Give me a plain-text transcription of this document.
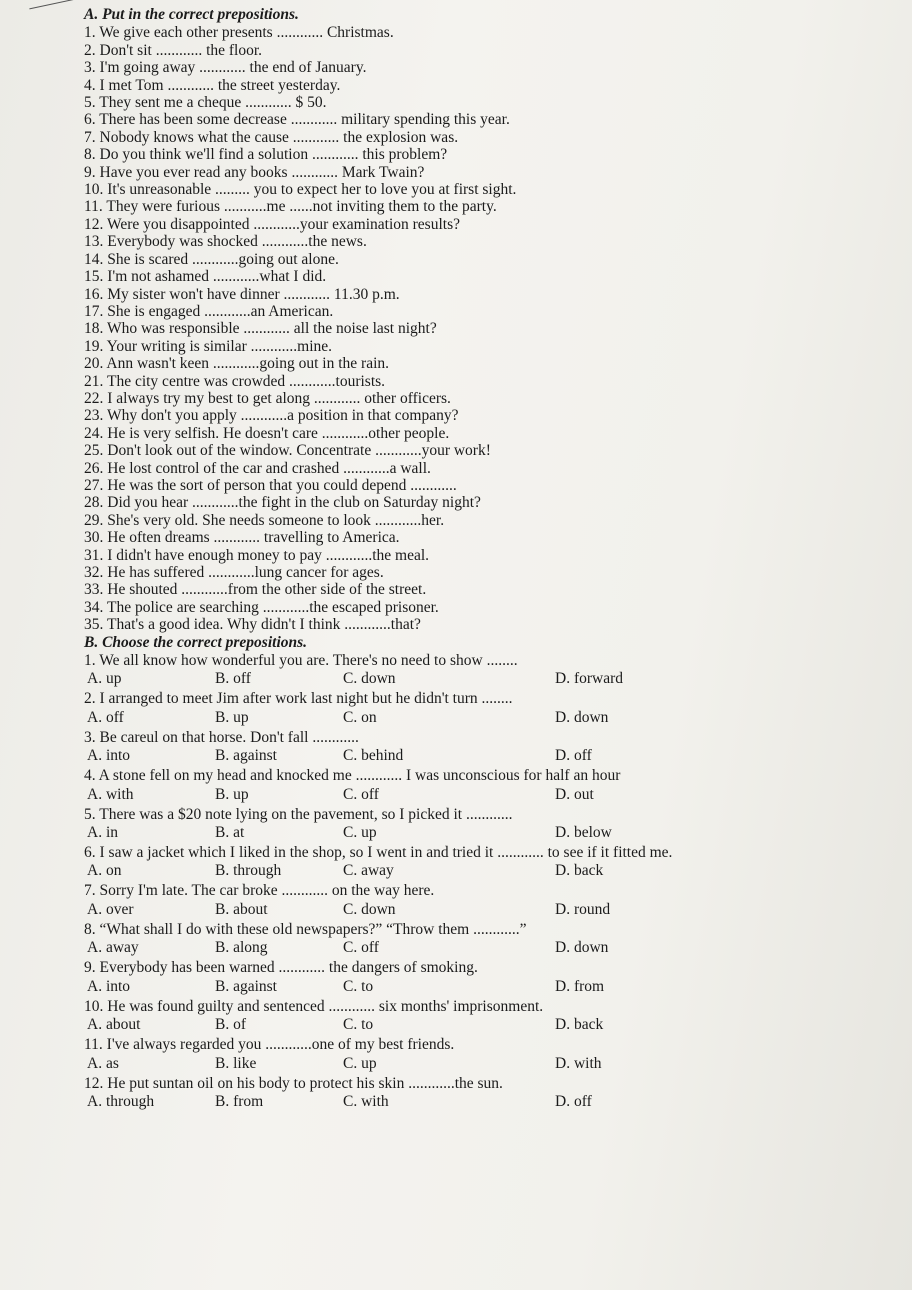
A. Put in the correct prepositions.
1. We give each other presents ............ Christmas.
2. Don't sit ............ the floor.
3. I'm going away ............ the end of January.
4. I met Tom ............ the street yesterday.
5. They sent me a cheque ............ $ 50.
6. There has been some decrease ............ military spending this year.
7. Nobody knows what the cause ............ the explosion was.
8. Do you think we'll find a solution ............ this problem?
9. Have you ever read any books ............ Mark Twain?
10. It's unreasonable ......... you to expect her to love you at first sight.
11. They were furious ...........me ......not inviting them to the party.
12. Were you disappointed ............your examination results?
13. Everybody was shocked ............the news.
14. She is scared ............going out alone.
15. I'm not ashamed ............what I did.
16. My sister won't have dinner ............ 11.30 p.m.
17. She is engaged ............an American.
18. Who was responsible ............ all the noise last night?
19. Your writing is similar ............mine.
20. Ann wasn't keen ............going out in the rain.
21. The city centre was crowded ............tourists.
22. I always try my best to get along ............ other officers.
23. Why don't you apply ............a position in that company?
24. He is very selfish. He doesn't care ............other people.
25. Don't look out of the window. Concentrate ............your work!
26. He lost control of the car and crashed ............a wall.
27. He was the sort of person that you could depend ............
28. Did you hear ............the fight in the club on Saturday night?
29. She's very old. She needs someone to look ............her.
30. He often dreams ............ travelling to America.
31. I didn't have enough money to pay ............the meal.
32. He has suffered ............lung cancer for ages.
33. He shouted ............from the other side of the street.
34. The police are searching ............the escaped prisoner.
35. That's a good idea. Why didn't I think ............that?
B. Choose the correct prepositions.
1. We all know how wonderful you are. There's no need to show ........
A. up	B. off	C. down	D. forward
2. I arranged to meet Jim after work last night but he didn't turn ........
A. off	B. up	C. on	D. down
3. Be careul on that horse. Don't fall ............
A. into	B. against	C. behind	D. off
4. A stone fell on my head and knocked me ............ I was unconscious for half an hour
A. with	B. up	C. off	D. out
5. There was a $20 note lying on the pavement, so I picked it ............
A. in	B. at	C. up	D. below
6. I saw a jacket which I liked in the shop, so I went in and tried it ............ to see if it fitted me.
A. on	B. through	C. away	D. back
7. Sorry I'm late. The car broke ............ on the way here.
A. over	B. about	C. down	D. round
8. “What shall I do with these old newspapers?” “Throw them ............”
A. away	B. along	C. off	D. down
9. Everybody has been warned ............ the dangers of smoking.
A. into	B. against	C. to	D. from
10. He was found guilty and sentenced ............ six months' imprisonment.
A. about	B. of	C. to	D. back
11. I've always regarded you ............one of my best friends.
A. as	B. like	C. up	D. with
12. He put suntan oil on his body to protect his skin ............the sun.
A. through	B. from	C. with	D. off
